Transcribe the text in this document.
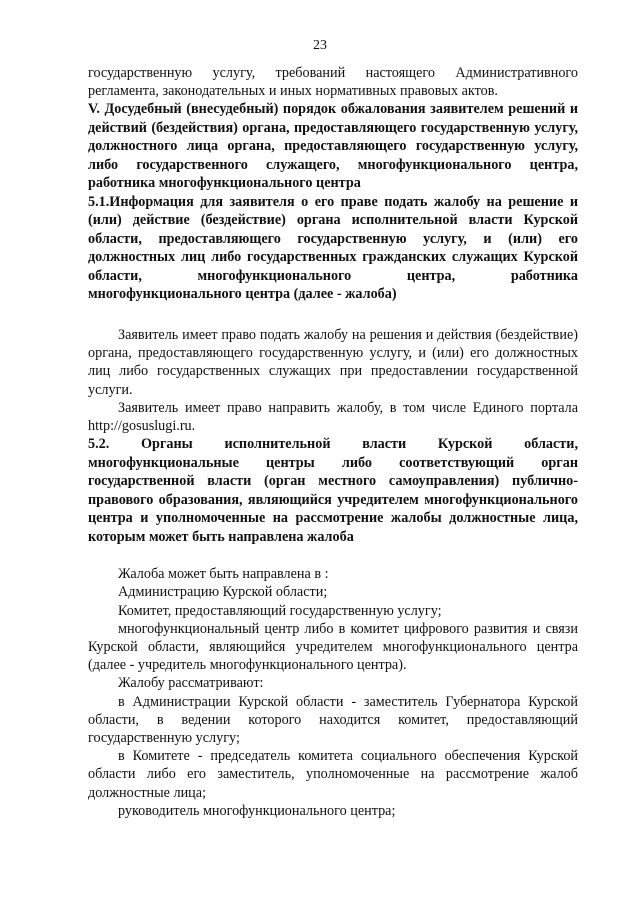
23

государственную услугу, требований настоящего Административного регламента, законодательных и иных нормативных правовых актов.

V. Досудебный (внесудебный) порядок обжалования заявителем решений и действий (бездействия) органа, предоставляющего государственную услугу, должностного лица органа, предоставляющего государственную услугу, либо государственного служащего, многофункционального центра, работника многофункционального центра

5.1.Информация для заявителя о его праве подать жалобу на решение и (или) действие (бездействие) органа исполнительной власти Курской области, предоставляющего государственную услугу, и (или) его должностных лиц либо государственных гражданских служащих Курской области, многофункционального центра, работника многофункционального центра (далее - жалоба)

Заявитель имеет право подать жалобу на решения и действия (бездействие) органа, предоставляющего государственную услугу, и (или) его должностных лиц либо государственных служащих при предоставлении государственной услуги.

Заявитель имеет право направить жалобу, в том числе Единого портала http://gosuslugi.ru.

5.2. Органы исполнительной власти Курской области, многофункциональные центры либо соответствующий орган государственной власти (орган местного самоуправления) публично-правового образования, являющийся учредителем многофункционального центра и уполномоченные на рассмотрение жалобы должностные лица, которым может быть направлена жалоба

Жалоба может быть направлена в :

Администрацию Курской области;

Комитет, предоставляющий государственную услугу;

многофункциональный центр либо в комитет цифрового развития и связи Курской области, являющийся учредителем многофункционального центра (далее - учредитель многофункционального центра).

Жалобу рассматривают:

в Администрации Курской области - заместитель Губернатора Курской области, в ведении которого находится комитет, предоставляющий государственную услугу;

в Комитете - председатель комитета социального обеспечения Курской области либо его заместитель, уполномоченные на рассмотрение жалоб должностные лица;

руководитель многофункционального центра;
